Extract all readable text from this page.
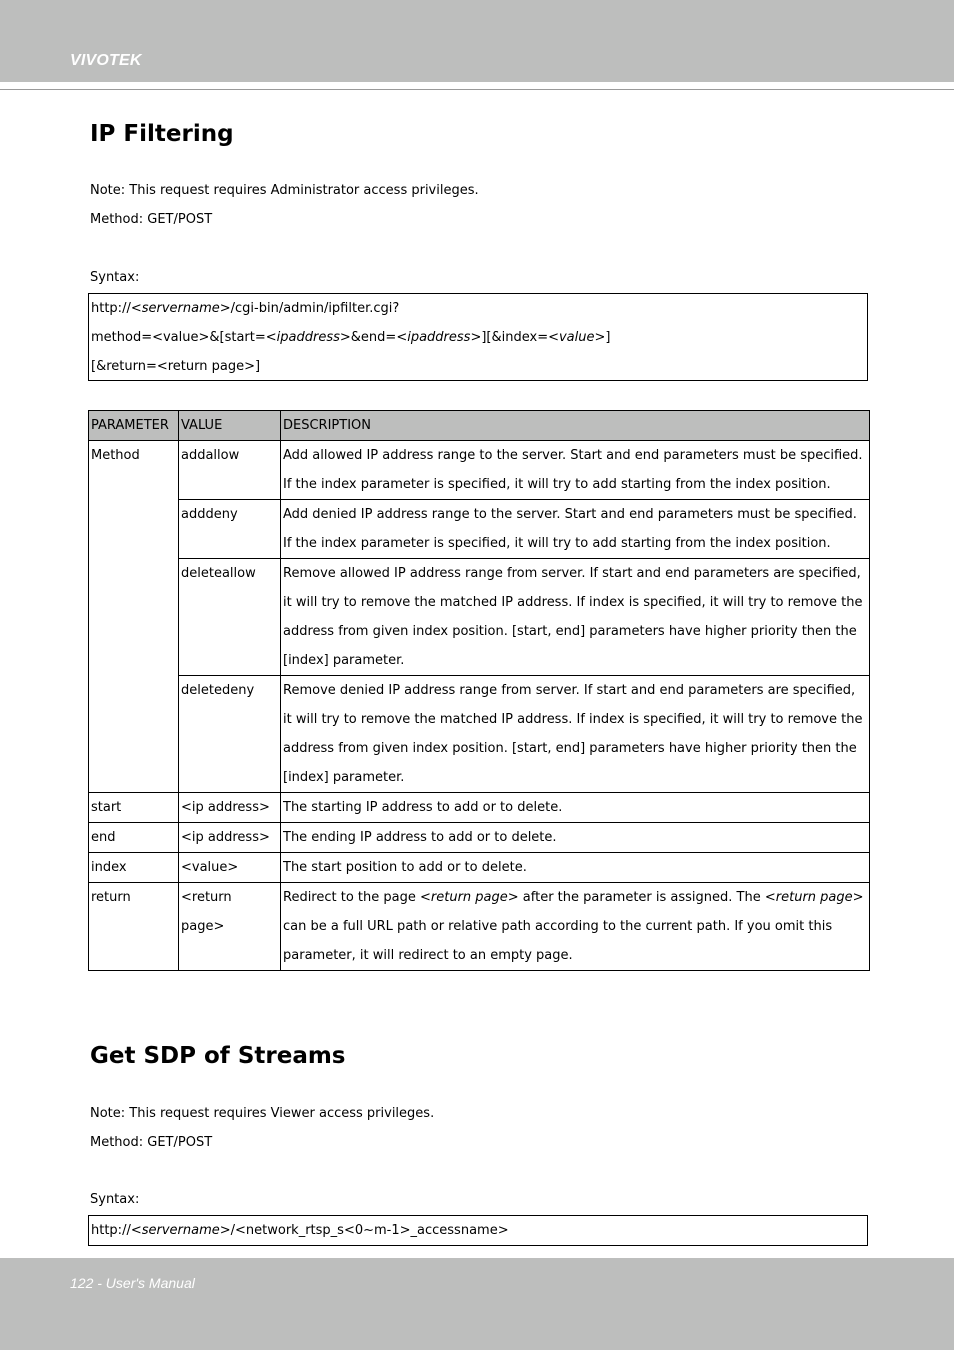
VIVOTEK
IP Filtering

Note: This request requires Administrator access privileges.

Method: GET/POST

Syntax:

http://<servername>/cgi-bin/admin/ipfilter.cgi?
method=<value>&[start=<ipaddress>&end=<ipaddress>][&index=<value>]
[&return=<return page>]
PARAMETER	VALUE	DESCRIPTION

Method	addallow	Add allowed IP address range to the server. Start and end parameters must be specified. If the index parameter is specified, it will try to add starting from the index position.

	adddeny	Add denied IP address range to the server. Start and end parameters must be specified. If the index parameter is specified, it will try to add starting from the index position.

	deleteallow	Remove allowed IP address range from server. If start and end parameters are specified, it will try to remove the matched IP address. If index is specified, it will try to remove the address from given index position. [start, end] parameters have higher priority then the [index] parameter.

	deletedeny	Remove denied IP address range from server. If start and end parameters are specified, it will try to remove the matched IP address. If index is specified, it will try to remove the address from given index position. [start, end] parameters have higher priority then the [index] parameter.

start	<ip address>	The starting IP address to add or to delete.

end	<ip address>	The ending IP address to add or to delete.

index	<value>	The start position to add or to delete.

return	<return page>	Redirect to the page <return page> after the parameter is assigned. The <return page> can be a full URL path or relative path according to the current path. If you omit this parameter, it will redirect to an empty page.
Get SDP of Streams

Note: This request requires Viewer access privileges.

Method: GET/POST

Syntax:

http://<servername>/<network_rtsp_s<0~m-1>_accessname>
122 - User's Manual
